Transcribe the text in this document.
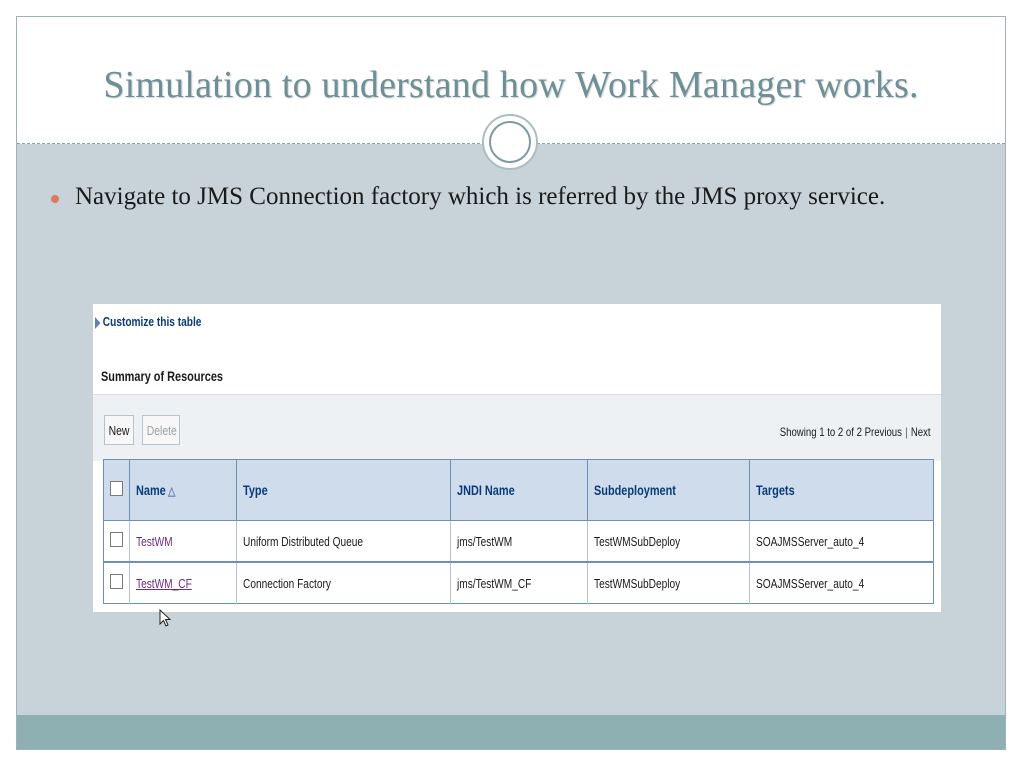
Simulation to understand how Work Manager works.
Navigate to JMS Connection factory which is referred by the JMS proxy service.
Customize this table
Summary of Resources
New	Delete	Showing 1 to 2 of 2 Previous | Next
	Name △	Type	JNDI Name	Subdeployment	Targets
	TestWM	Uniform Distributed Queue	jms/TestWM	TestWMSubDeploy	SOAJMSServer_auto_4
	TestWM_CF	Connection Factory	jms/TestWM_CF	TestWMSubDeploy	SOAJMSServer_auto_4
